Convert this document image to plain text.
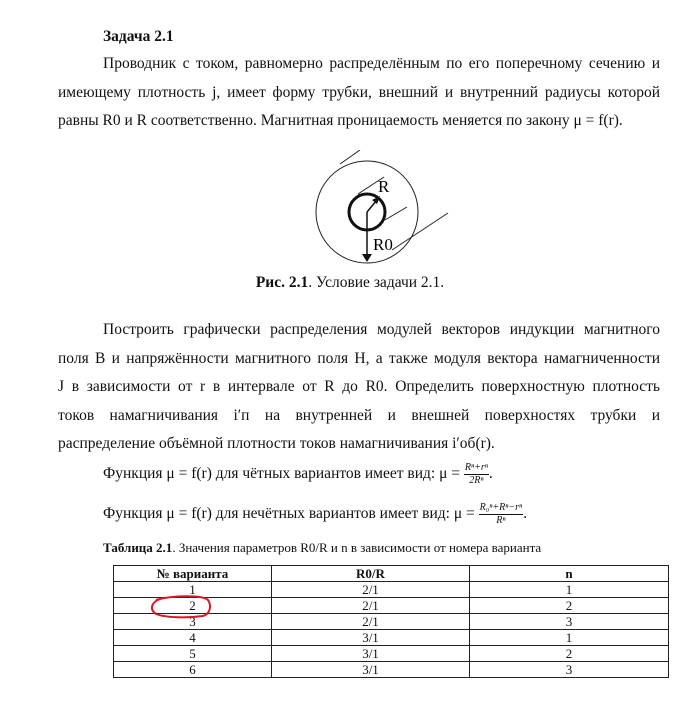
Задача 2.1
Проводник с током, равномерно распределённым по его поперечному сечению и
имеющему плотность j, имеет форму трубки, внешний и внутренний радиусы которой
равны R0 и R соответственно. Магнитная проницаемость меняется по закону μ = f(r).
R
R0
Рис. 2.1. Условие задачи 2.1.
Построить графически распределения модулей векторов индукции магнитного
поля B и напряжённости магнитного поля H, а также модуля вектора намагниченности
J в зависимости от r в интервале от R до R0. Определить поверхностную плотность
токов намагничивания i′п на внутренней и внешней поверхностях трубки и
распределение объёмной плотности токов намагничивания i′об(r).
Функция μ = f(r) для чётных вариантов имеет вид: $\mu = \frac{\text{Rⁿ+rⁿ}}{\text{2Rⁿ}}$ .
Функция μ = f(r) для нечётных вариантов имеет вид: $\mu = \frac{\text{R₀ⁿ+Rⁿ−rⁿ}}{\text{Rⁿ}}$ .
Таблица 2.1. Значения параметров R0/R и n в зависимости от номера варианта
№ варианта	R0/R	n
1	2/1	1
2	2/1	2
3	2/1	3
4	3/1	1
5	3/1	2
6	3/1	3
